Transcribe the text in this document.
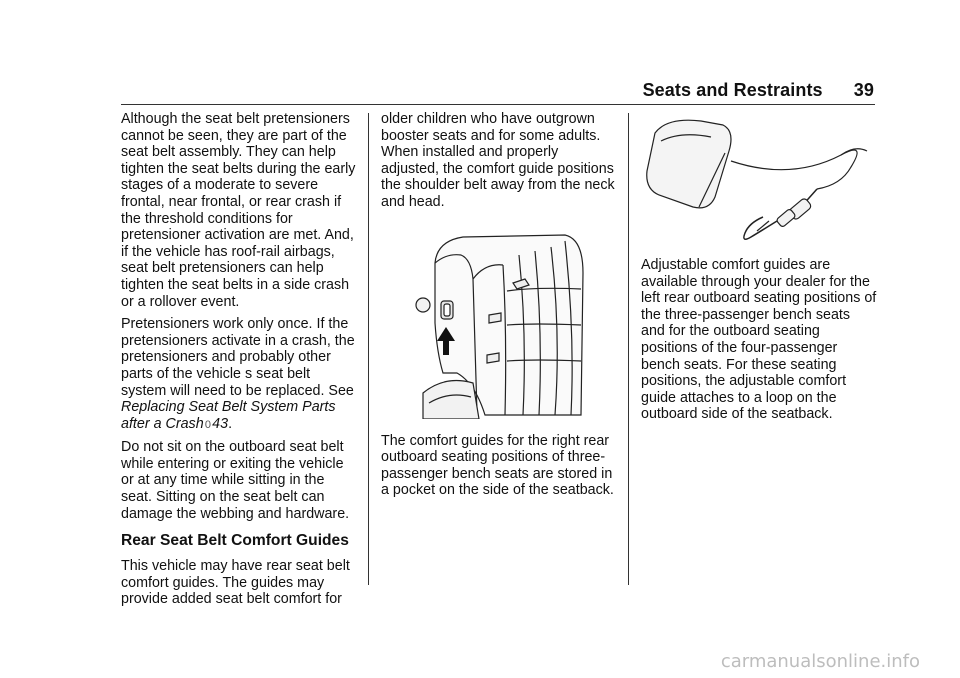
Seats and Restraints 39

Although the seat belt pretensioners cannot be seen, they are part of the seat belt assembly. They can help tighten the seat belts during the early stages of a moderate to severe frontal, near frontal, or rear crash if the threshold conditions for pretensioner activation are met. And, if the vehicle has roof-rail airbags, seat belt pretensioners can help tighten the seat belts in a side crash or a rollover event.

Pretensioners work only once. If the pretensioners activate in a crash, the pretensioners and probably other parts of the vehicle s seat belt system will need to be replaced. See Replacing Seat Belt System Parts after a Crash 0 43.

Do not sit on the outboard seat belt while entering or exiting the vehicle or at any time while sitting in the seat. Sitting on the seat belt can damage the webbing and hardware.

Rear Seat Belt Comfort Guides

This vehicle may have rear seat belt comfort guides. The guides may provide added seat belt comfort for

older children who have outgrown booster seats and for some adults. When installed and properly adjusted, the comfort guide positions the shoulder belt away from the neck and head.

The comfort guides for the right rear outboard seating positions of three-passenger bench seats are stored in a pocket on the side of the seatback.

Adjustable comfort guides are available through your dealer for the left rear outboard seating positions of the three-passenger bench seats and for the outboard seating positions of the four-passenger bench seats. For these seating positions, the adjustable comfort guide attaches to a loop on the outboard side of the seatback.

carmanualsonline.info
